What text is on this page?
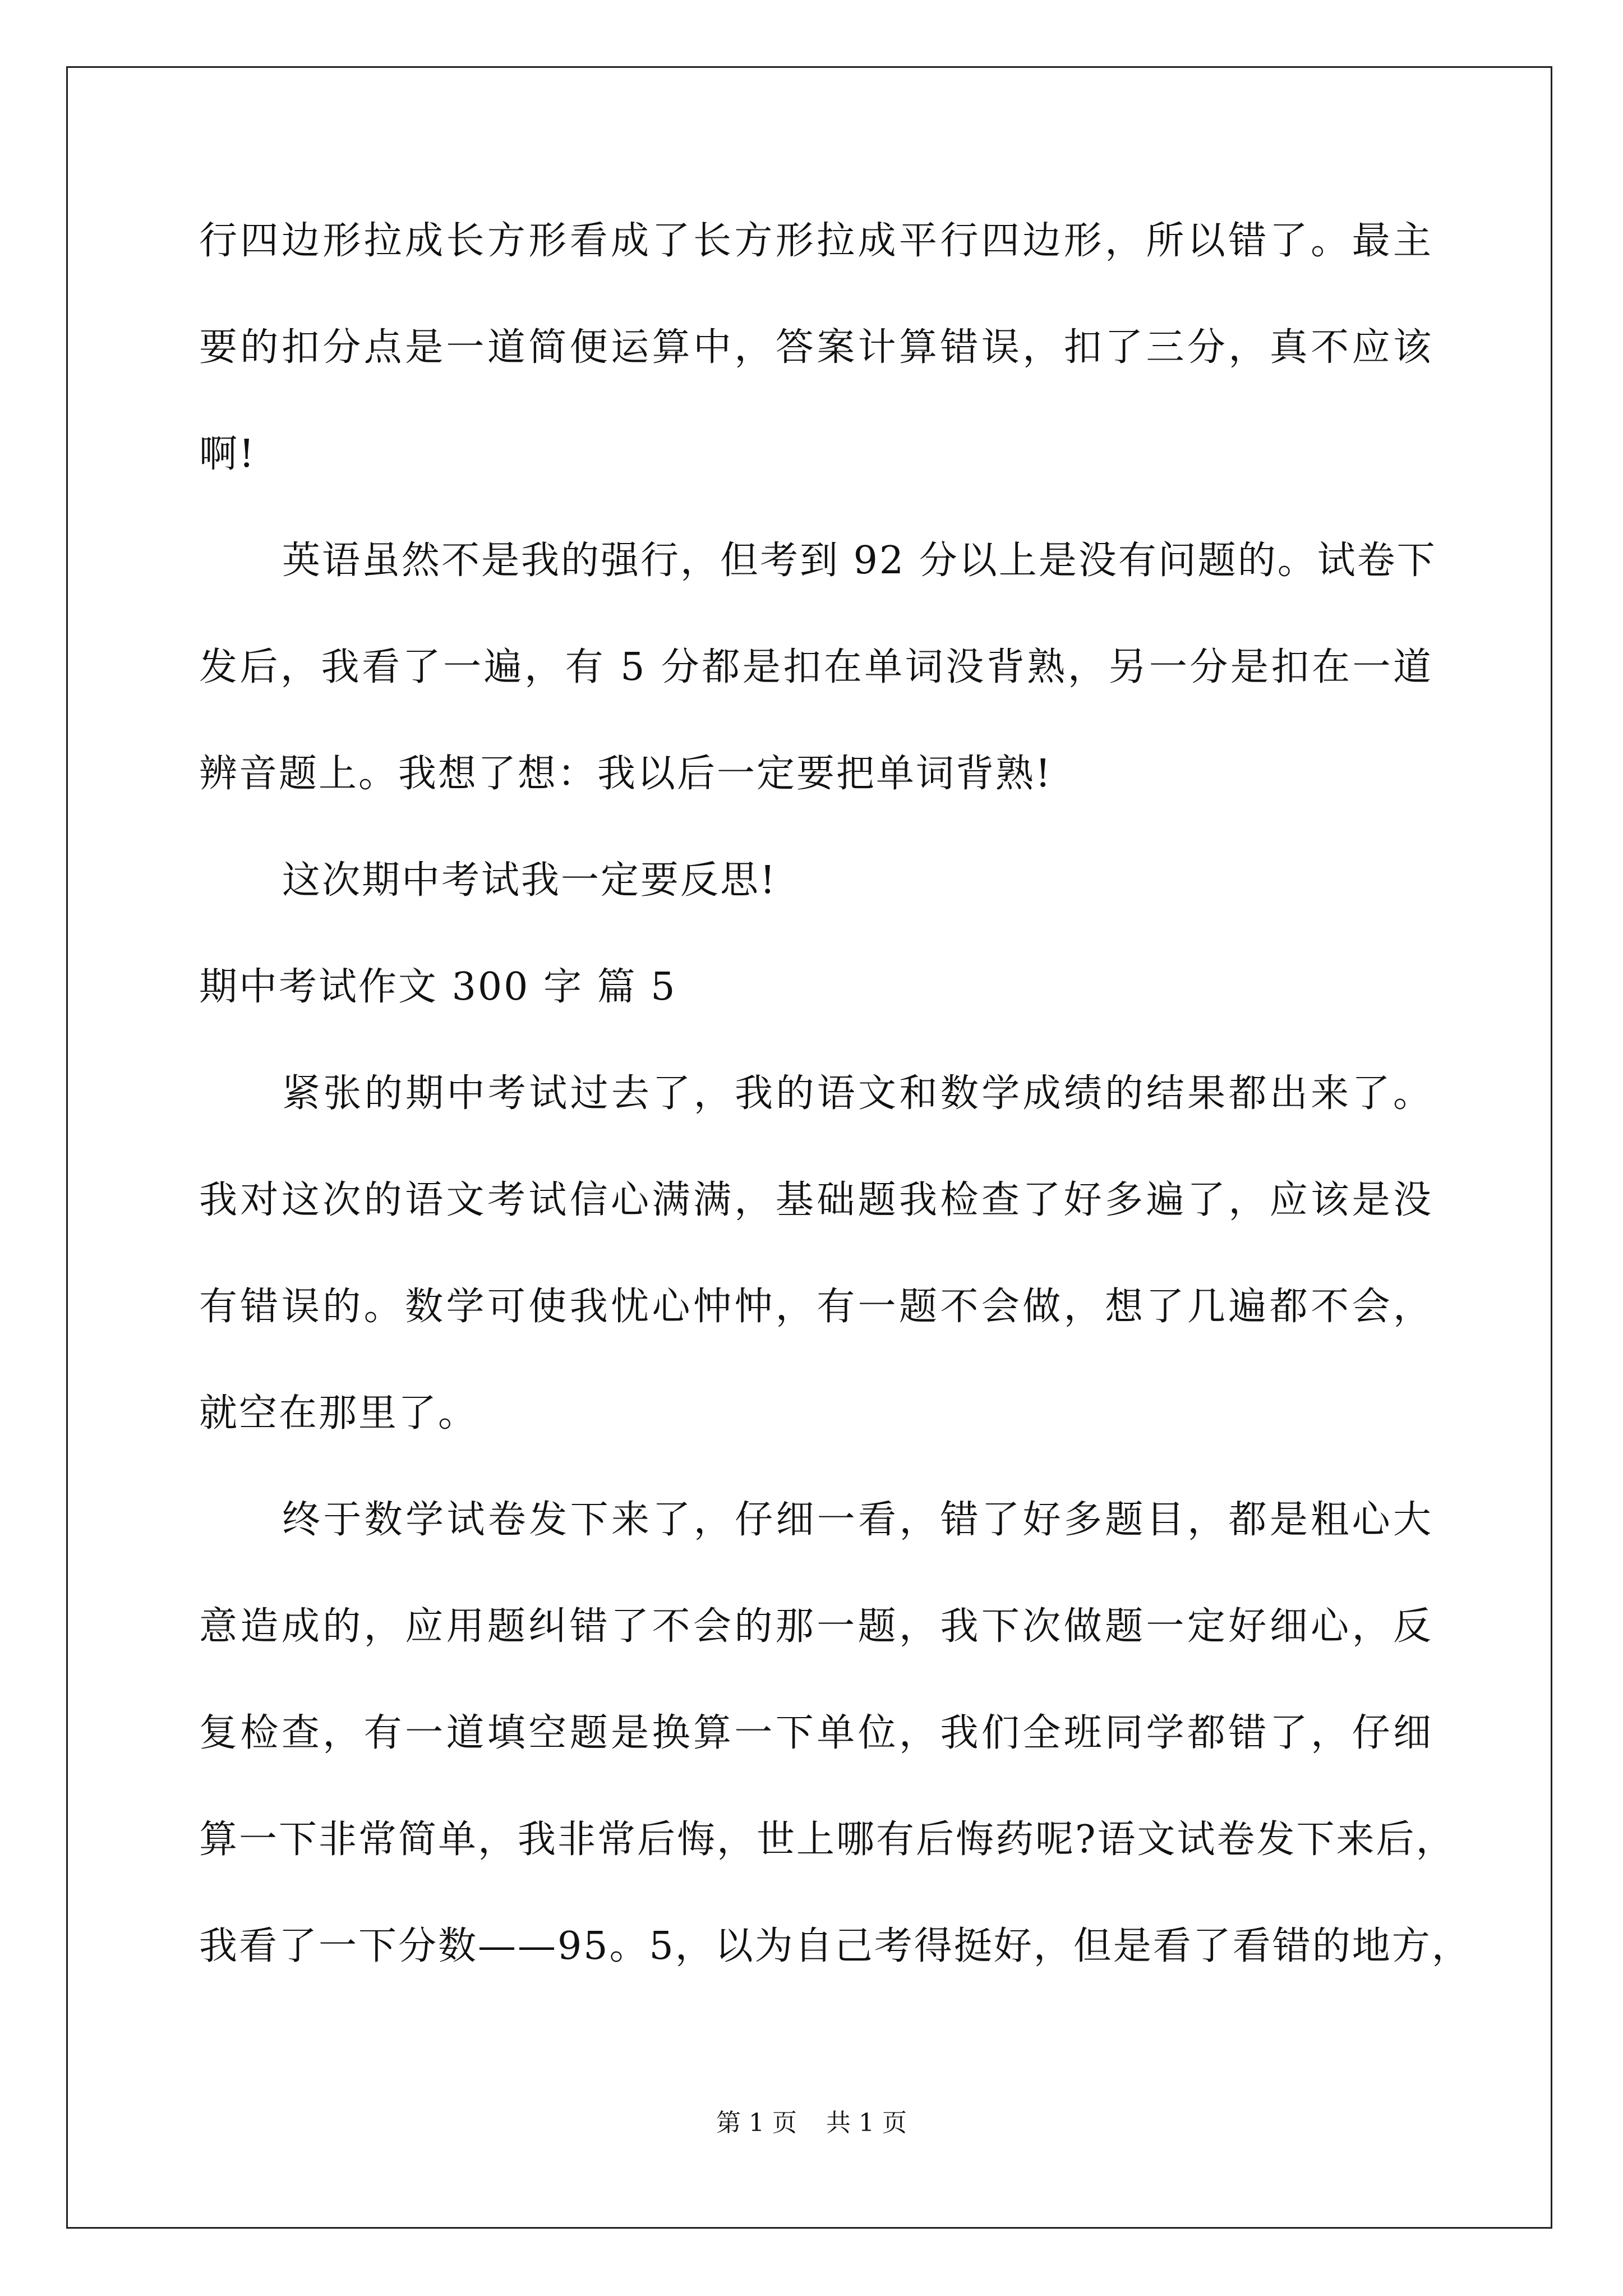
行四边形拉成长方形看成了长方形拉成平行四边形，所以错了。最主
要的扣分点是一道简便运算中，答案计算错误，扣了三分，真不应该
啊!
英语虽然不是我的强行，但考到 92 分以上是没有问题的。试卷下
发后，我看了一遍，有 5 分都是扣在单词没背熟，另一分是扣在一道
辨音题上。我想了想：我以后一定要把单词背熟!
这次期中考试我一定要反思!
期中考试作文 300 字 篇 5
紧张的期中考试过去了，我的语文和数学成绩的结果都出来了。
我对这次的语文考试信心满满，基础题我检查了好多遍了，应该是没
有错误的。数学可使我忧心忡忡，有一题不会做，想了几遍都不会，
就空在那里了。
终于数学试卷发下来了，仔细一看，错了好多题目，都是粗心大
意造成的，应用题纠错了不会的那一题，我下次做题一定好细心，反
复检查，有一道填空题是换算一下单位，我们全班同学都错了，仔细
算一下非常简单，我非常后悔，世上哪有后悔药呢?语文试卷发下来后，
我看了一下分数——95。5，以为自己考得挺好，但是看了看错的地方，
第 1 页 共 1 页
